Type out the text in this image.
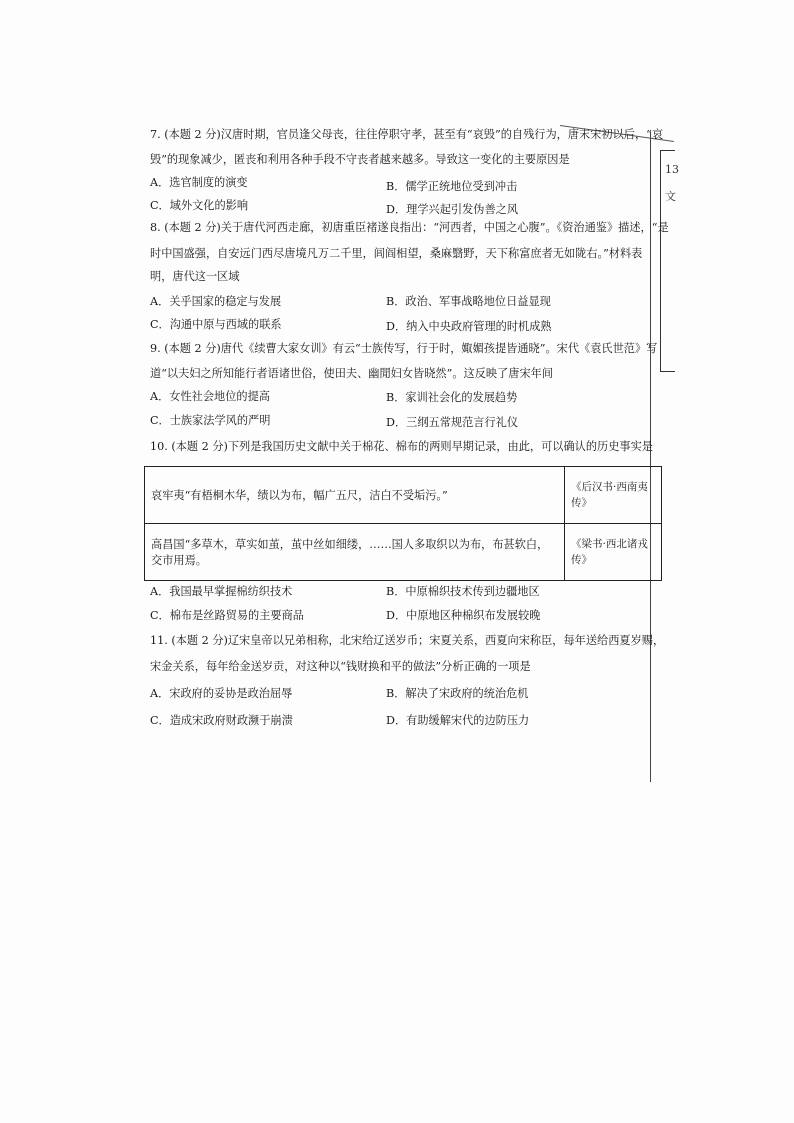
13
文
7. (本题 2 分)汉唐时期，官员逢父母丧，往往停职守孝，甚至有“哀毁”的自残行为，唐末宋初以后，“哀
毁”的现象减少，匿丧和利用各种手段不守丧者越来越多。导致这一变化的主要原因是
A．选官制度的演变	B．儒学正统地位受到冲击
C．域外文化的影响	D．理学兴起引发伪善之风
8. (本题 2 分)关于唐代河西走廊，初唐重臣褚遂良指出：“河西者，中国之心腹”。《资治通鉴》描述，“是
时中国盛强，自安远门西尽唐境凡万二千里，闾阎相望，桑麻翳野，天下称富庶者无如陇右。”材料表
明，唐代这一区域
A．关乎国家的稳定与发展	B．政治、军事战略地位日益显现
C．沟通中原与西域的联系	D．纳入中央政府管理的时机成熟
9. (本题 2 分)唐代《续曹大家女训》有云“士族传写，行于时，娵媚孩提皆通晓”。宋代《袁氏世范》写
道“以夫妇之所知能行者语诸世俗，使田夫、幽閒妇女皆晓然”。这反映了唐宋年间
A．女性社会地位的提高	B．家训社会化的发展趋势
C．士族家法学风的严明	D．三纲五常规范言行礼仪
10. (本题 2 分)下列是我国历史文献中关于棉花、棉布的两则早期记录，由此，可以确认的历史事实是
哀牢夷“有梧桐木华，绩以为布，幅广五尺，洁白不受垢污。”	《后汉书·西南夷
传》
高昌国“多草木，草实如茧，茧中丝如细缕，……国人多取织以为布，布甚软白，
交市用焉。	《梁书·西北诸戎
传》
A．我国最早掌握棉纺织技术	B．中原棉织技术传到边疆地区
C．棉布是丝路贸易的主要商品	D．中原地区种棉织布发展较晚
11. (本题 2 分)辽宋皇帝以兄弟相称，北宋给辽送岁币；宋夏关系，西夏向宋称臣，每年送给西夏岁赐，
宋金关系，每年给金送岁贡，对这种以“钱财换和平的做法”分析正确的一项是
A．宋政府的妥协是政治屈辱	B．解决了宋政府的统治危机
C．造成宋政府财政濒于崩溃	D．有助缓解宋代的边防压力
